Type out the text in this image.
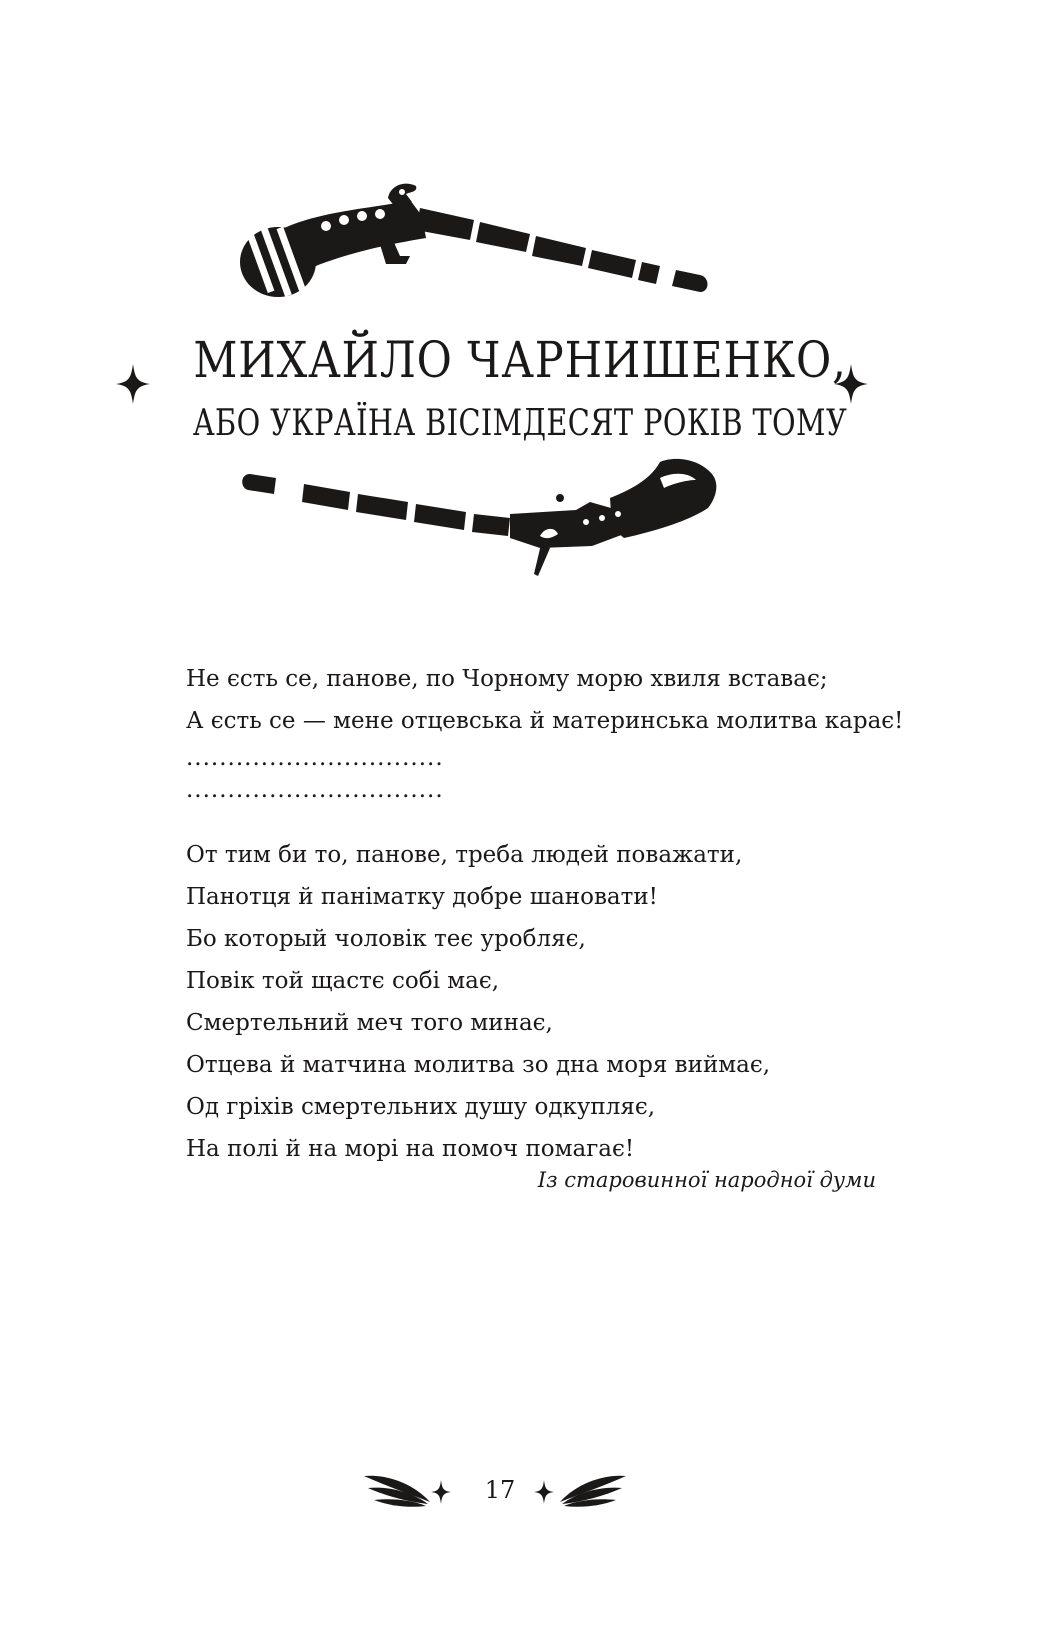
МИХАЙЛО ЧАРНИШЕНКО,
АБО УКРАЇНА ВІСІМДЕСЯТ РОКІВ ТОМУ
Не єсть се, панове, по Чорному морю хвиля вставає;
А єсть се — мене отцевська й материнська молитва карає!
...............................
...............................
От тим би то, панове, треба людей поважати,
Панотця й паніматку добре шановати!
Бо который чоловік теє уробляє,
Повік той щастє собі має,
Смертельний меч того минає,
Отцева й матчина молитва зо дна моря виймає,
Од гріхів смертельних душу одкупляє,
На полі й на морі на помоч помагає!
Із старовинної народної думи
17
